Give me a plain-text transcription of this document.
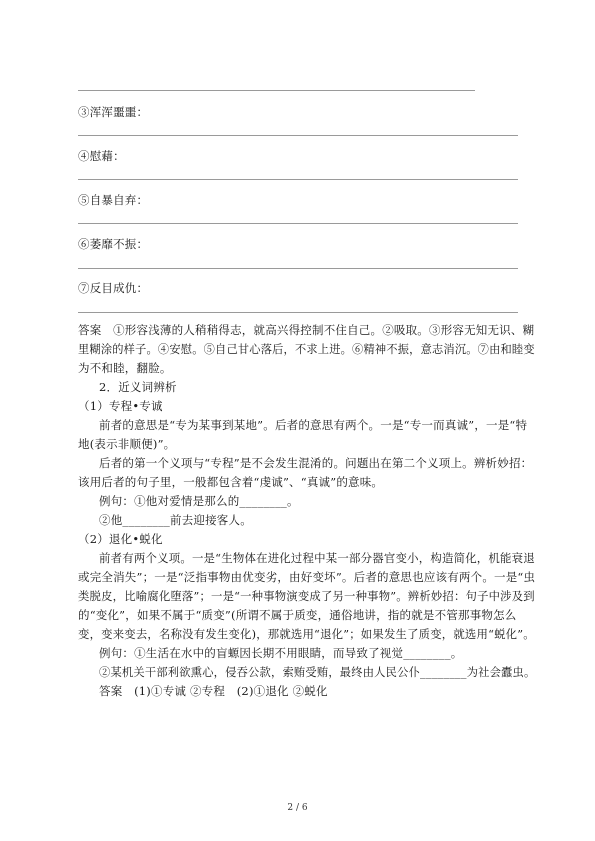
③浑浑噩噩：
④慰藉：
⑤自暴自弃：
⑥萎靡不振：
⑦反目成仇：
答案　①形容浅薄的人稍稍得志，就高兴得控制不住自己。②吸取。③形容无知无识、糊
里糊涂的样子。④安慰。⑤自己甘心落后，不求上进。⑥精神不振，意志消沉。⑦由和睦变
为不和睦，翻脸。
2．近义词辨析
（1）专程•专诚
前者的意思是“专为某事到某地”。后者的意思有两个。一是“专一而真诚”，一是“特
地(表示非顺便)”。
后者的第一个义项与“专程”是不会发生混淆的。问题出在第二个义项上。辨析妙招：
该用后者的句子里，一般都包含着“虔诚”、“真诚”的意味。
例句：①他对爱情是那么的________。
②他________前去迎接客人。
（2）退化•蜕化
前者有两个义项。一是“生物体在进化过程中某一部分器官变小，构造简化，机能衰退
或完全消失”；一是“泛指事物由优变劣，由好变坏”。后者的意思也应该有两个。一是“虫
类脱皮，比喻腐化堕落”；一是“一种事物演变成了另一种事物”。辨析妙招：句子中涉及到
的“变化”，如果不属于“质变”(所谓不属于质变，通俗地讲，指的就是不管那事物怎么
变，变来变去，名称没有发生变化)，那就选用“退化”；如果发生了质变，就选用“蜕化”。
例句：①生活在水中的盲螈因长期不用眼睛，而导致了视觉________。
②某机关干部利欲熏心，侵吞公款，索贿受贿，最终由人民公仆________为社会蠹虫。
答案　(1)①专诚 ②专程　(2)①退化 ②蜕化
2 / 6
